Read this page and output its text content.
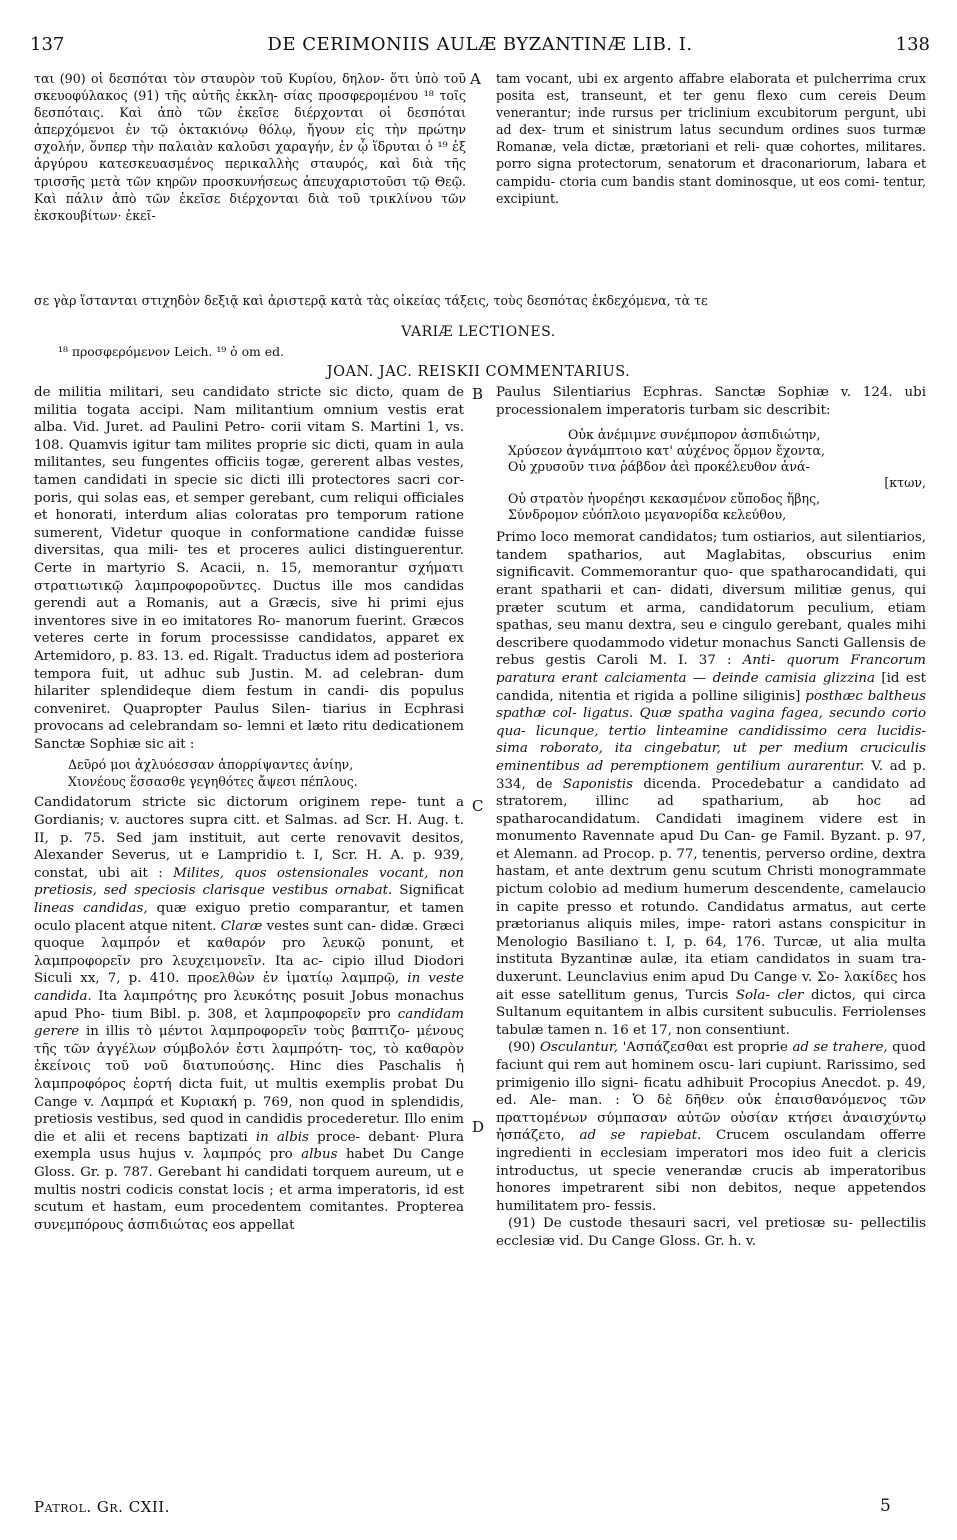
137	DE CERIMONIIS AULÆ BYZANTINÆ LIB. I.	138

ται (90) οἱ δεσπόται τὸν σταυρὸν τοῦ Κυρίου, δηλον- ὅτι ὑπὸ τοῦ σκευοφύλακος (91) τῆς αὐτῆς ἐκκλη- σίας προσφερομένου ¹⁸ τοῖς δεσπόταις. Καὶ ἀπὸ τῶν ἐκεῖσε διέρχονται οἱ δεσπόται ἀπερχόμενοι ἐν τῷ ὀκτακιόνῳ θόλῳ, ἤγουν εἰς τὴν πρώτην σχολήν, ὅνπερ τὴν παλαιὰν καλοῦσι χαραγήν, ἐν ᾧ ἵδρυται ὁ ¹⁹ ἐξ ἀργύρου κατεσκευασμένος περικαλλὴς σταυρός, καὶ διὰ τῆς τρισσῆς μετὰ τῶν κηρῶν προσκυνήσεως ἀπευχαριστοῦσι τῷ Θεῷ. Καὶ πάλιν ἀπὸ τῶν ἐκεῖσε διέρχονται διὰ τοῦ τρικλίνου τῶν ἐκσκουβίτων· ἐκεῖ-

A tam vocant, ubi ex argento affabre elaborata et pulcherrima crux posita est, transeunt, et ter genu flexo cum cereis Deum venerantur; inde rursus per triclinium excubitorum pergunt, ubi ad dex- trum et sinistrum latus secundum ordines suos turmæ Romanæ, vela dictæ, prætoriani et reli- quæ cohortes, militares. porro signa protectorum, senatorum et draconariorum, labara et campidu- ctoria cum bandis stant dominosque, ut eos comi- tentur, excipiunt.

σε γὰρ ἵστανται στιχηδὸν δεξιᾷ καὶ ἀριστερᾷ κατὰ τὰς οἰκείας τάξεις, τοὺς δεσπότας ἐκδεχόμενα, τὰ τε
VARIÆ LECTIONES.
¹⁸ προσφερόμενον Leich. ¹⁹ ὁ om ed.
JOAN. JAC. REISKII COMMENTARIUS.

de militia militari, seu candidato stricte sic dicto, quam de militia togata accipi. Nam militantium omnium vestis erat alba. Vid. Juret. ad Paulini Petro- corii vitam S. Martini 1, vs. 108. Quamvis igitur tam milites proprie sic dicti, quam in aula militantes, seu fungentes officiis togæ, gererent albas vestes, tamen candidati in specie sic dicti illi protectores sacri cor- poris, qui solas eas, et semper gerebant, cum reliqui officiales et honorati, interdum alias coloratas pro temporum ratione sumerent, Videtur quoque in conformatione candidæ fuisse diversitas, qua mili- tes et proceres aulici distinguerentur. Certe in martyrio S. Acacii, n. 15, memorantur σχήματι στρατιωτικῷ λαμπροφοροῦντες. Ductus ille mos candidas gerendi aut a Romanis, aut a Græcis, sive hi primi ejus inventores sive in eo imitatores Ro- manorum fuerint. Græcos veteres certe in forum processisse candidatos, apparet ex Artemidoro, p. 83. 13. ed. Rigalt. Traductus idem ad posteriora tempora fuit, ut adhuc sub Justin. M. ad celebran- dum hilariter splendideque diem festum in candi- dis populus conveniret. Quapropter Paulus Silen- tiarius in Ecphrasi provocans ad celebrandam so- lemni et læto ritu dedicationem Sanctæ Sophiæ sic ait :

Δεῦρό μοι ἀχλυόεσσαν ἀπορρίψαντες ἀνίην,
Χιονέους ἕσσασθε γεγηθότες ἄψεσι πέπλους.

Candidatorum stricte sic dictorum originem repe- tunt a Gordianis; v. auctores supra citt. et Salmas. ad Scr. H. Aug. t. II, p. 75. Sed jam instituit, aut certe renovavit desitos, Alexander Severus, ut e Lampridio t. I, Scr. H. A. p. 939, constat, ubi ait : Milites, quos ostensionales vocant, non pretiosis, sed speciosis clarisque vestibus ornabat. Significat lineas candidas, quæ exiguo pretio comparantur, et tamen oculo placent atque nitent. Claræ vestes sunt can- didæ. Græci quoque λαμπρόν et καθαρόν pro λευκῷ ponunt, et λαμπροφορεῖν pro λευχειμονεῖν. Ita ac- cipio illud Diodori Siculi xx, 7, p. 410. προελθὼν ἐν ἱματίῳ λαμπρῷ, in veste candida. Ita λαμπρότης pro λευκότης posuit Jobus monachus apud Pho- tium Bibl. p. 308, et λαμπροφορεῖν pro candidam gerere in illis τὸ μέντοι λαμπροφορεῖν τοὺς βαπτιζο- μένους τῆς τῶν ἀγγέλων σύμβολόν ἐστι λαμπρότη- τος, τὸ καθαρὸν ἐκείνοις τοῦ νοῦ διατυπούσης. Hinc dies Paschalis ἡ λαμπροφόρος ἑορτή dicta fuit, ut multis exemplis probat Du Cange v. Λαμπρά et Κυριακή p. 769, non quod in splendidis, pretiosis vestibus, sed quod in candidis procederetur. Illo enim die et alii et recens baptizati in albis proce- debant· Plura exempla usus hujus v. λαμπρός pro albus habet Du Cange Gloss. Gr. p. 787. Gerebant hi candidati torquem aureum, ut e multis nostri codicis constat locis ; et arma imperatoris, id est scutum et hastam, eum procedentem comitantes. Propterea συνεμπόρους ἀσπιδιώτας eos appellat

B
C
D

Paulus Silentiarius Ecphras. Sanctæ Sophiæ v. 124. ubi processionalem imperatoris turbam sic describit:

Οὐκ ἀνέμιμνε συνέμπορον ἀσπιδιώτην,
Χρύσεον ἀγνάμπτοιο κατ' αὐχένος ὅρμον ἔχοντα,
Οὐ χρυσοῦν τινα ῥάβδον ἀεὶ προκέλευθον ἀνά-
[κτων,
Οὐ στρατὸν ἠνορέησι κεκασμένον εὔποδος ἥβης,
Σύνδρομον εὐόπλοιο μεγανορίδα κελεύθου,

Primo loco memorat candidatos; tum ostiarios, aut silentiarios, tandem spatharios, aut Maglabitas, obscurius enim significavit. Commemorantur quo- que spatharocandidati, qui erant spatharii et can- didati, diversum militiæ genus, qui præter scutum et arma, candidatorum peculium, etiam spathas, seu manu dextra, seu e cingulo gerebant, quales mihi describere quodammodo videtur monachus Sancti Gallensis de rebus gestis Caroli M. I. 37 : Anti- quorum Francorum paratura erant calciamenta — deinde camisia glizzina [id est candida, nitentia et rigida a polline siliginis] posthæc baltheus spathæ col- ligatus. Quæ spatha vagina fagea, secundo corio qua- licunque, tertio linteamine candidissimo cera lucidis- sima roborato, ita cingebatur, ut per medium cruciculis eminentibus ad peremptionem gentilium aurarentur. V. ad p. 334, de Saponistis dicenda. Procedebatur a candidato ad stratorem, illinc ad spatharium, ab hoc ad spatharocandidatum. Candidati imaginem videre est in monumento Ravennate apud Du Can- ge Famil. Byzant. p. 97, et Alemann. ad Procop. p. 77, tenentis, perverso ordine, dextra hastam, et ante dextrum genu scutum Christi monogrammate pictum colobio ad medium humerum descendente, camelaucio in capite presso et rotundo. Candidatus armatus, aut certe prætorianus aliquis miles, impe- ratori astans conspicitur in Menologio Basiliano t. I, p. 64, 176. Turcæ, ut alia multa instituta Byzantinæ aulæ, ita etiam candidatos in suam tra- duxerunt. Leunclavius enim apud Du Cange v. Σο- λακίδες hos ait esse satellitum genus, Turcis Sola- cler dictos, qui circa Sultanum equitantem in albis cursitent subuculis. Ferriolenses tabulæ tamen n. 16 et 17, non consentiunt.

(90) Osculantur, 'Ασπάζεσθαι est proprie ad se trahere, quod faciunt qui rem aut hominem oscu- lari cupiunt. Rarissimo, sed primigenio illo signi- ficatu adhibuit Procopius Anecdot. p. 49, ed. Ale- man. : Ὁ δὲ δῆθεν οὐκ ἐπαισθανόμενος τῶν πραττομένων σύμπασαν αὐτῶν οὐσίαν κτήσει ἀναισχύντῳ ἠσπάζετο, ad se rapiebat. Crucem osculandam offerre ingredienti in ecclesiam imperatori mos ideo fuit a clericis introductus, ut specie venerandæ crucis ab imperatoribus honores impetrarent sibi non debitos, neque appetendos humilitatem pro- fessis.

(91) De custode thesauri sacri, vel pretiosæ su- pellectilis ecclesiæ vid. Du Cange Gloss. Gr. h. v.

Patrol. Gr. CXII.	5
